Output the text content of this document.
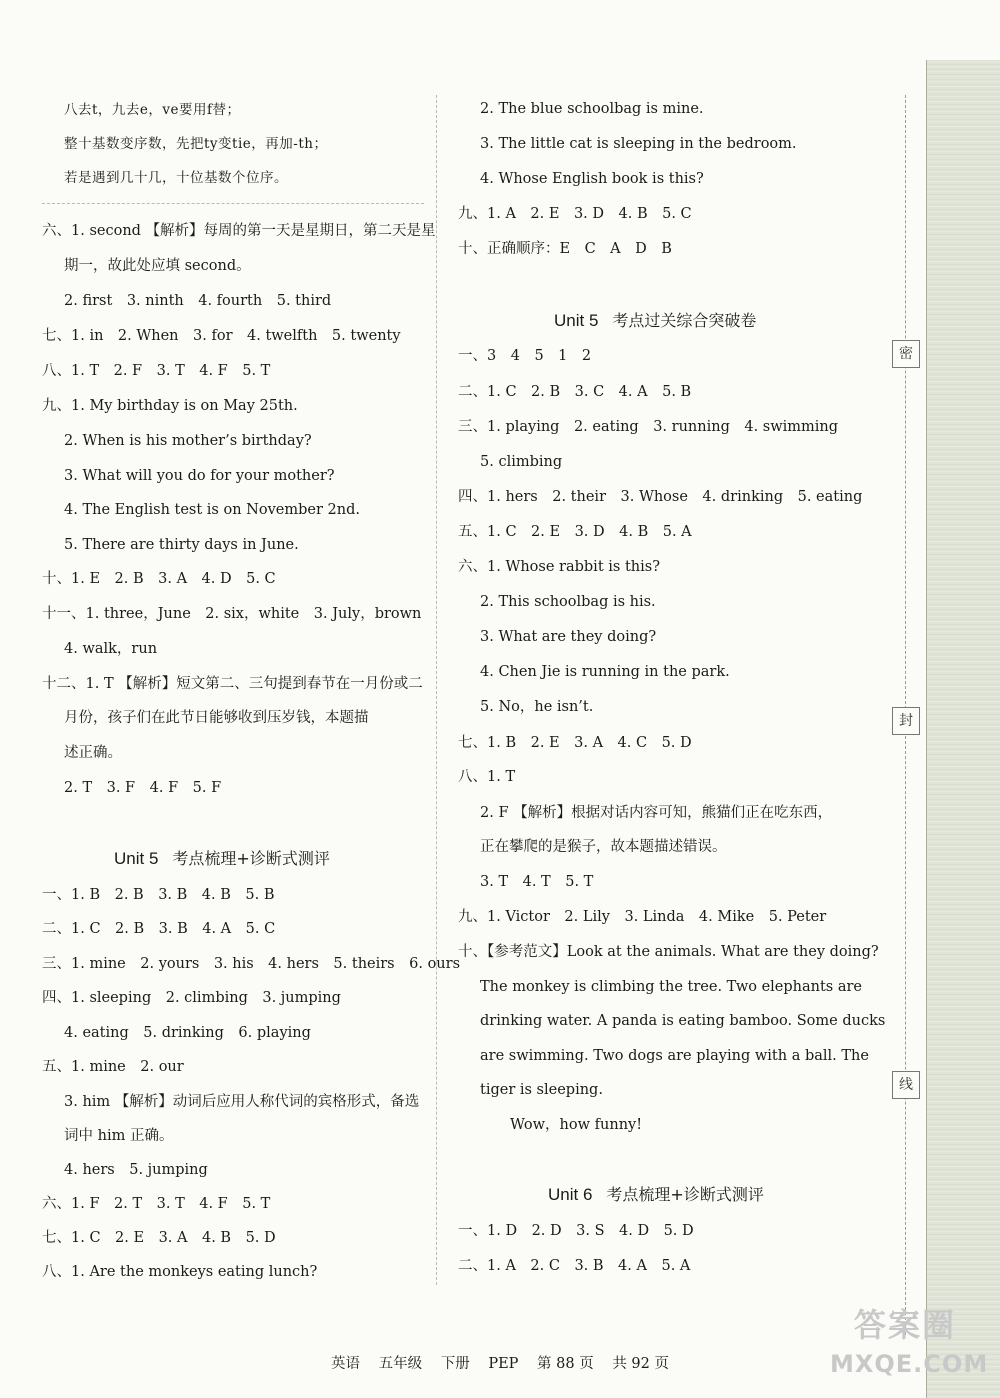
八去t，九去e，ve要用f替；
整十基数变序数，先把ty变tie，再加-th；
若是遇到几十几，十位基数个位序。
六、1. second 【解析】每周的第一天是星期日，第二天是星
期一，故此处应填 second。
2. first　3. ninth　4. fourth　5. third
七、1. in　2. When　3. for　4. twelfth　5. twenty
八、1. T　2. F　3. T　4. F　5. T
九、1. My birthday is on May 25th.
2. When is his mother’s birthday?
3. What will you do for your mother?
4. The English test is on November 2nd.
5. There are thirty days in June.
十、1. E　2. B　3. A　4. D　5. C
十一、1. three，June　2. six，white　3. July，brown
4. walk，run
十二、1. T 【解析】短文第二、三句提到春节在一月份或二
月份，孩子们在此节日能够收到压岁钱，本题描
述正确。
2. T　3. F　4. F　5. F
Unit 5 考点梳理+诊断式测评
一、1. B　2. B　3. B　4. B　5. B
二、1. C　2. B　3. B　4. A　5. C
三、1. mine　2. yours　3. his　4. hers　5. theirs　6. ours
四、1. sleeping　2. climbing　3. jumping
4. eating　5. drinking　6. playing
五、1. mine　2. our
3. him 【解析】动词后应用人称代词的宾格形式，备选
词中 him 正确。
4. hers　5. jumping
六、1. F　2. T　3. T　4. F　5. T
七、1. C　2. E　3. A　4. B　5. D
八、1. Are the monkeys eating lunch?
2. The blue schoolbag is mine.
3. The little cat is sleeping in the bedroom.
4. Whose English book is this?
九、1. A　2. E　3. D　4. B　5. C
十、正确顺序：E　C　A　D　B
Unit 5 考点过关综合突破卷
一、3　4　5　1　2
二、1. C　2. B　3. C　4. A　5. B
三、1. playing　2. eating　3. running　4. swimming
5. climbing
四、1. hers　2. their　3. Whose　4. drinking　5. eating
五、1. C　2. E　3. D　4. B　5. A
六、1. Whose rabbit is this?
2. This schoolbag is his.
3. What are they doing?
4. Chen Jie is running in the park.
5. No，he isn’t.
七、1. B　2. E　3. A　4. C　5. D
八、1. T
2. F 【解析】根据对话内容可知，熊猫们正在吃东西，
正在攀爬的是猴子，故本题描述错误。
3. T　4. T　5. T
九、1. Victor　2. Lily　3. Linda　4. Mike　5. Peter
十、【参考范文】Look at the animals. What are they doing?
The monkey is climbing the tree. Two elephants are
drinking water. A panda is eating bamboo. Some ducks
are swimming. Two dogs are playing with a ball. The
tiger is sleeping.
Wow，how funny!
Unit 6 考点梳理+诊断式测评
一、1. D　2. D　3. S　4. D　5. D
二、1. A　2. C　3. B　4. A　5. A
密
封
线
英语 五年级 下册 PEP 第 88 页 共 92 页
答案圈
MXQE.COM
